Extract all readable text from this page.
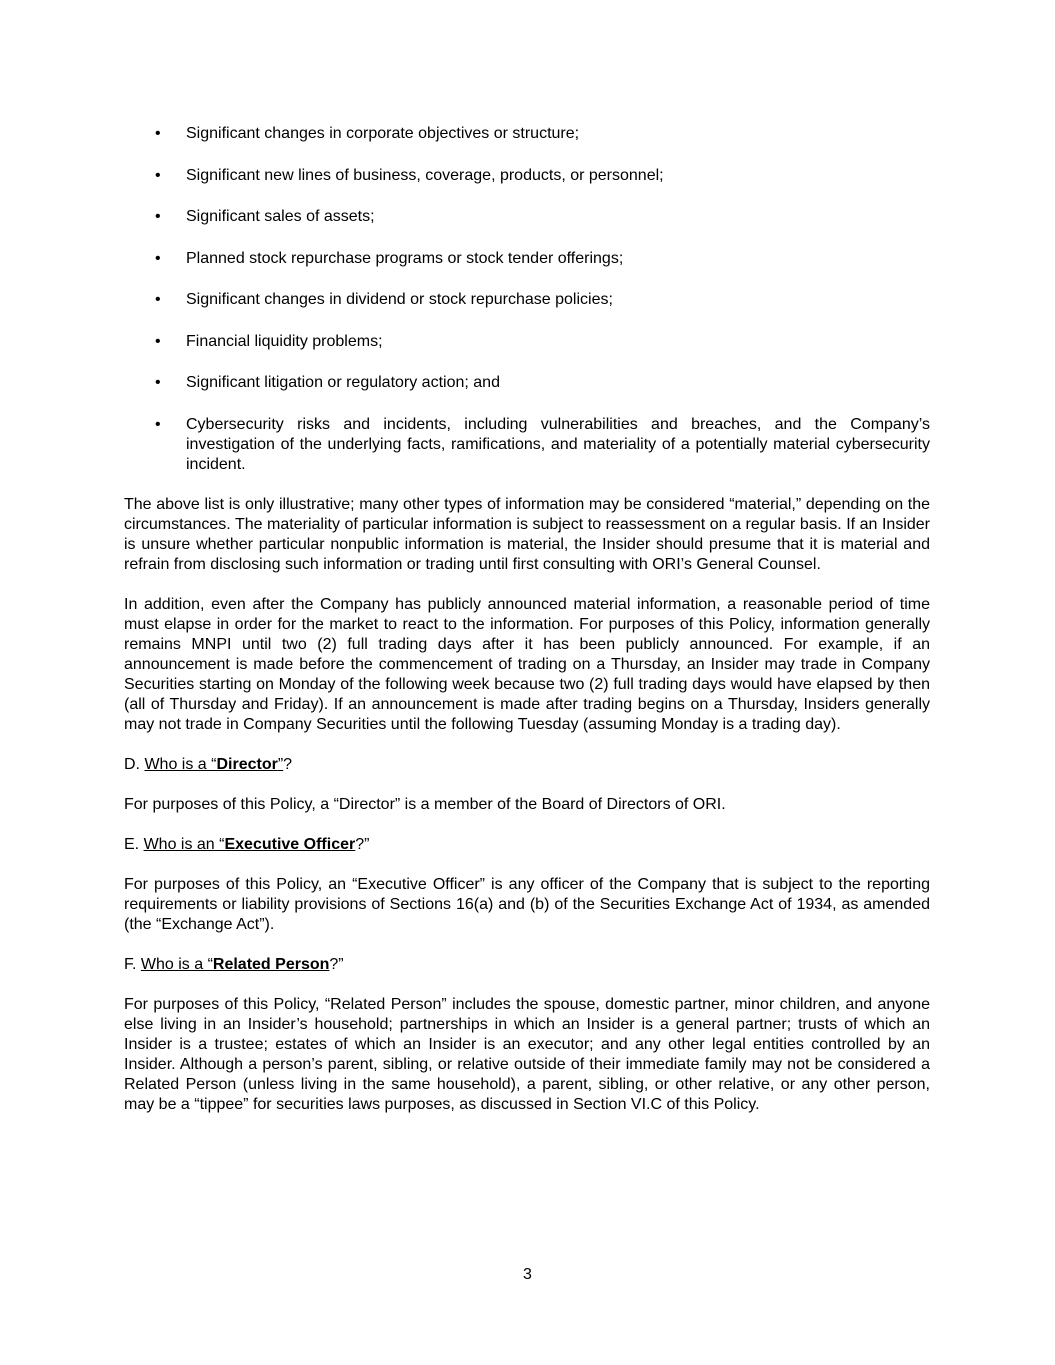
•	Significant changes in corporate objectives or structure;
•	Significant new lines of business, coverage, products, or personnel;
•	Significant sales of assets;
•	Planned stock repurchase programs or stock tender offerings;
•	Significant changes in dividend or stock repurchase policies;
•	Financial liquidity problems;
•	Significant litigation or regulatory action; and
•	Cybersecurity risks and incidents, including vulnerabilities and breaches, and the Company’s investigation of the underlying facts, ramifications, and materiality of a potentially material cybersecurity incident.

The above list is only illustrative; many other types of information may be considered “material,” depending on the circumstances. The materiality of particular information is subject to reassessment on a regular basis. If an Insider is unsure whether particular nonpublic information is material, the Insider should presume that it is material and refrain from disclosing such information or trading until first consulting with ORI’s General Counsel.

In addition, even after the Company has publicly announced material information, a reasonable period of time must elapse in order for the market to react to the information. For purposes of this Policy, information generally remains MNPI until two (2) full trading days after it has been publicly announced. For example, if an announcement is made before the commencement of trading on a Thursday, an Insider may trade in Company Securities starting on Monday of the following week because two (2) full trading days would have elapsed by then (all of Thursday and Friday). If an announcement is made after trading begins on a Thursday, Insiders generally may not trade in Company Securities until the following Tuesday (assuming Monday is a trading day).

D. Who is a “Director”?

For purposes of this Policy, a “Director” is a member of the Board of Directors of ORI.

E. Who is an “Executive Officer?”

For purposes of this Policy, an “Executive Officer” is any officer of the Company that is subject to the reporting requirements or liability provisions of Sections 16(a) and (b) of the Securities Exchange Act of 1934, as amended (the “Exchange Act”).

F. Who is a “Related Person?”

For purposes of this Policy, “Related Person” includes the spouse, domestic partner, minor children, and anyone else living in an Insider’s household; partnerships in which an Insider is a general partner; trusts of which an Insider is a trustee; estates of which an Insider is an executor; and any other legal entities controlled by an Insider. Although a person’s parent, sibling, or relative outside of their immediate family may not be considered a Related Person (unless living in the same household), a parent, sibling, or other relative, or any other person, may be a “tippee” for securities laws purposes, as discussed in Section VI.C of this Policy.

3
